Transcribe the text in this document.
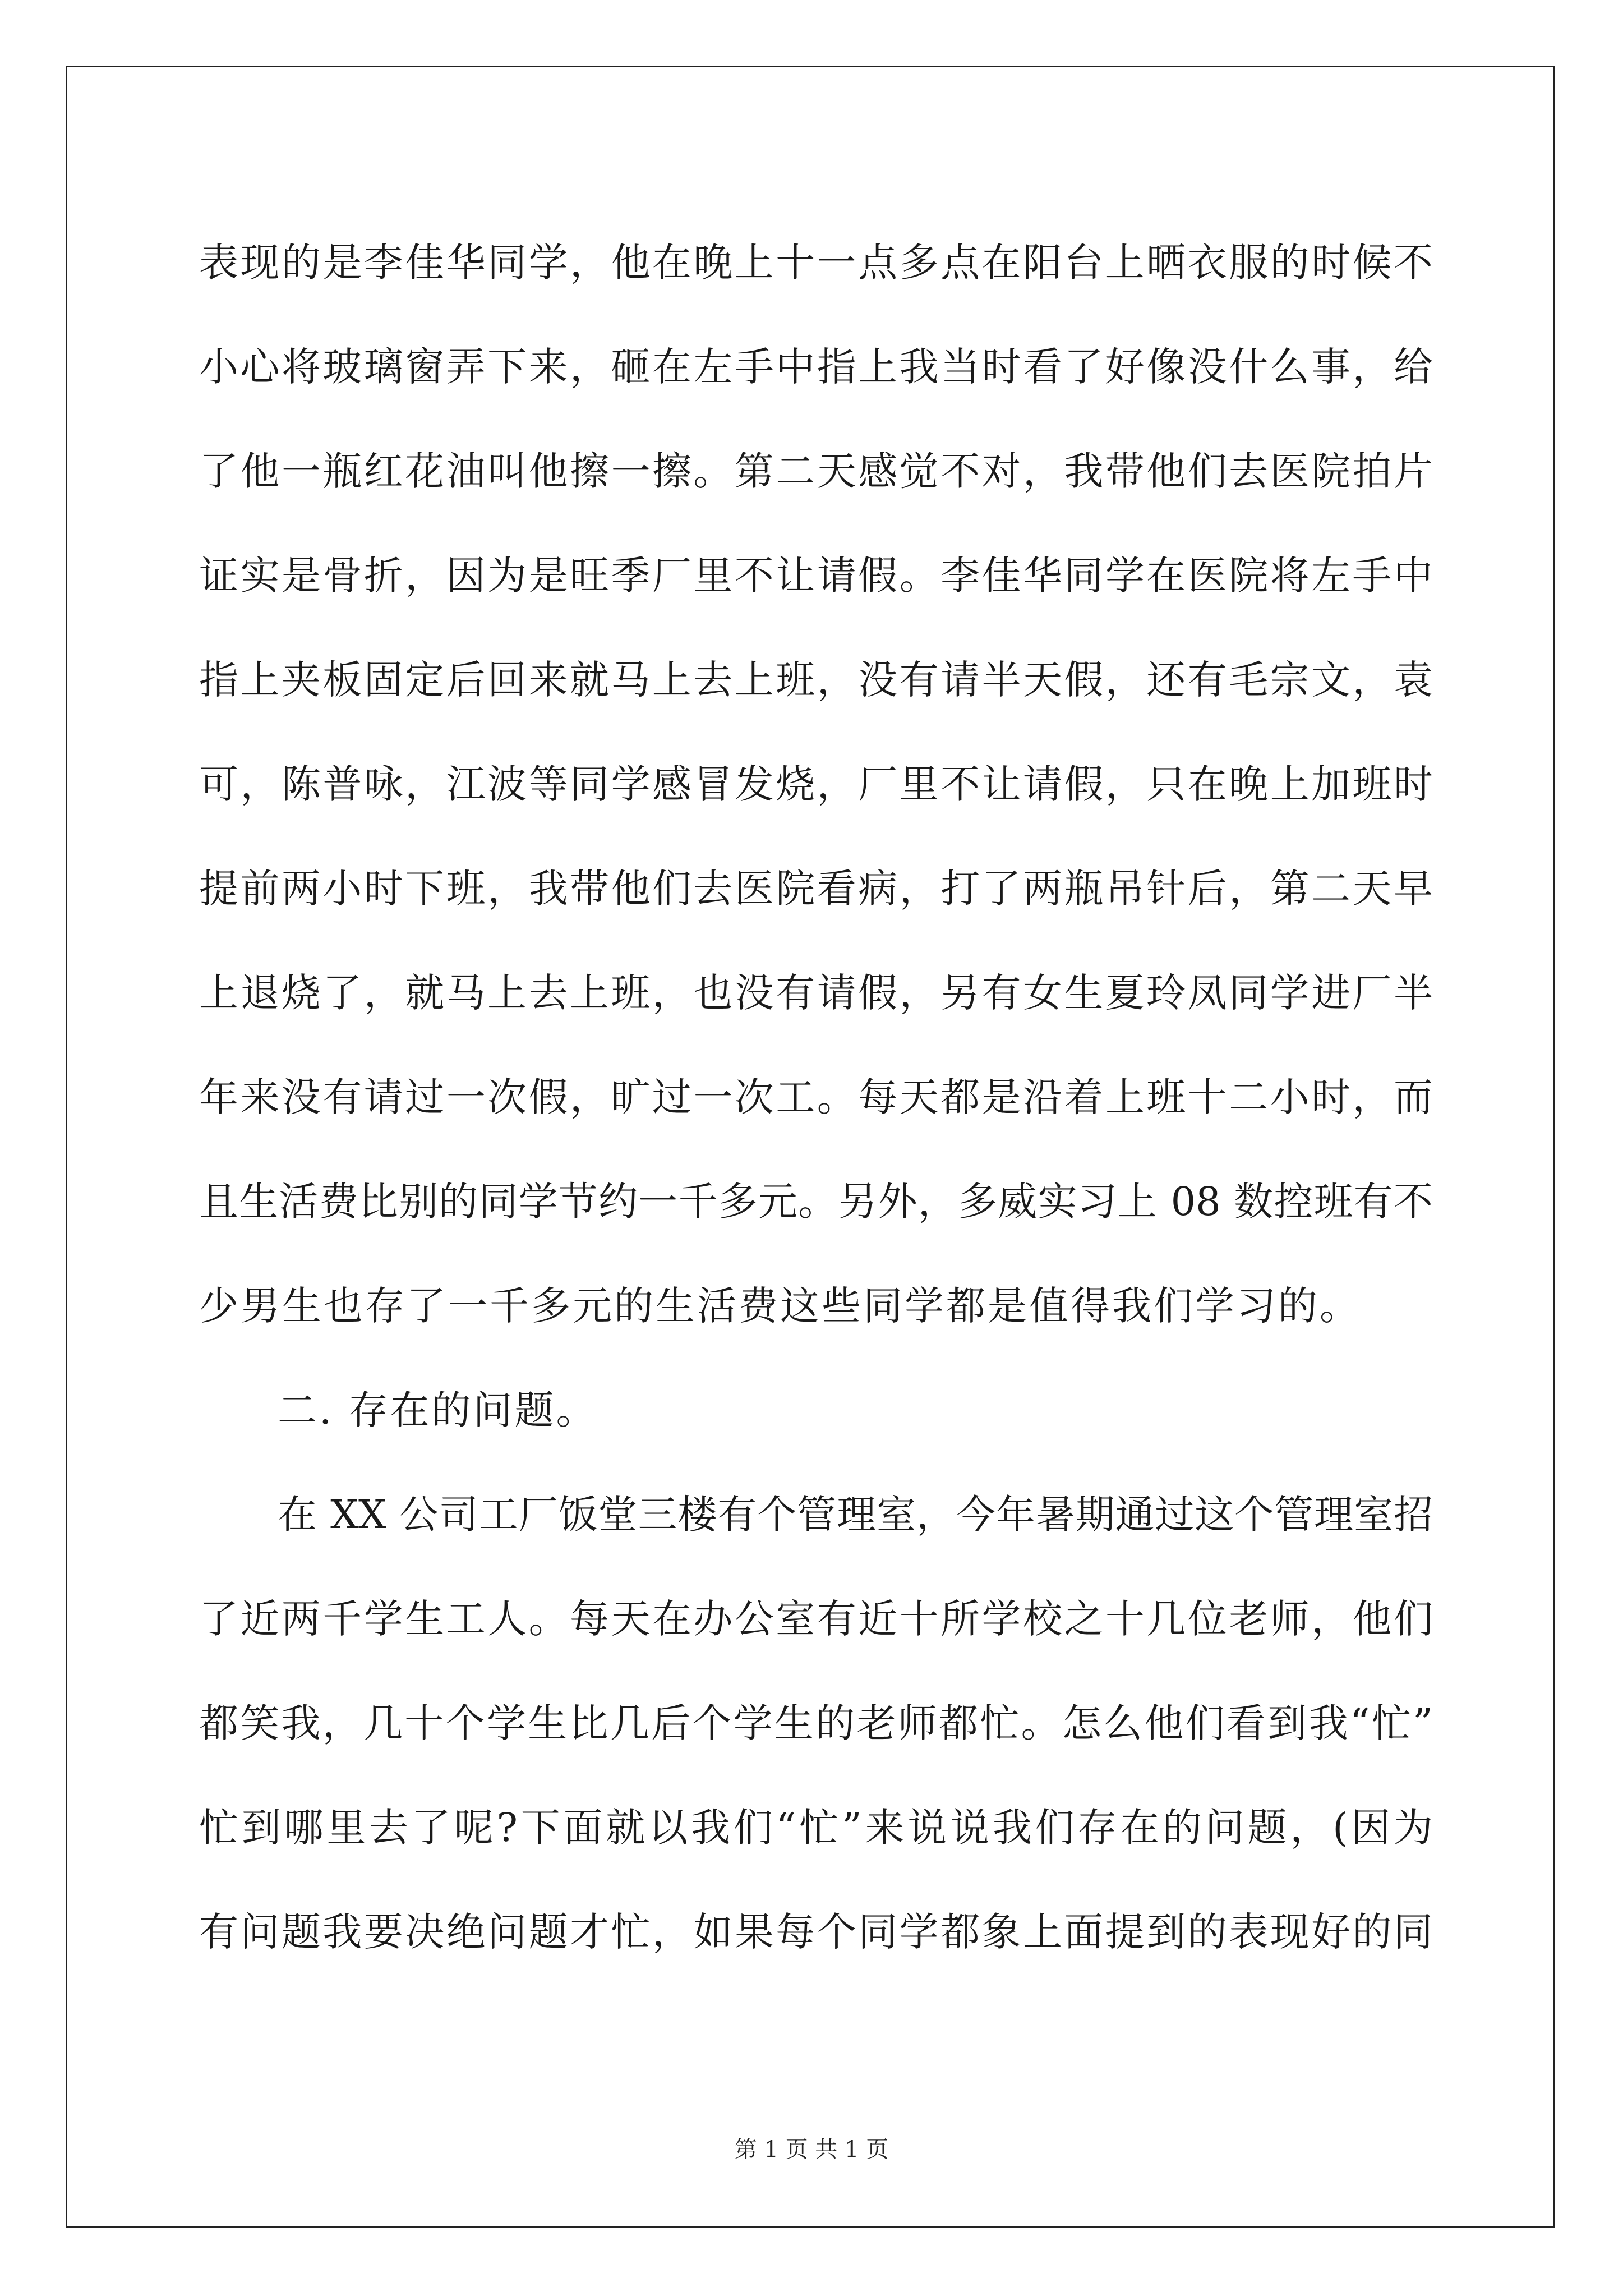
表现的是李佳华同学，他在晚上十一点多点在阳台上晒衣服的时候不
小心将玻璃窗弄下来，砸在左手中指上我当时看了好像没什么事，给
了他一瓶红花油叫他擦一擦。第二天感觉不对，我带他们去医院拍片
证实是骨折，因为是旺季厂里不让请假。李佳华同学在医院将左手中
指上夹板固定后回来就马上去上班，没有请半天假，还有毛宗文，袁
可，陈普咏，江波等同学感冒发烧，厂里不让请假，只在晚上加班时
提前两小时下班，我带他们去医院看病，打了两瓶吊针后，第二天早
上退烧了，就马上去上班，也没有请假，另有女生夏玲凤同学进厂半
年来没有请过一次假，旷过一次工。每天都是沿着上班十二小时，而
且生活费比别的同学节约一千多元。另外，多威实习上 08 数控班有不
少男生也存了一千多元的生活费这些同学都是值得我们学习的。
二. 存在的问题。
在 XX 公司工厂饭堂三楼有个管理室，今年暑期通过这个管理室招
了近两千学生工人。每天在办公室有近十所学校之十几位老师，他们
都笑我，几十个学生比几后个学生的老师都忙。怎么他们看到我“忙”
忙到哪里去了呢?下面就以我们“忙”来说说我们存在的问题，(因为
有问题我要决绝问题才忙，如果每个同学都象上面提到的表现好的同
第 1 页 共 1 页
